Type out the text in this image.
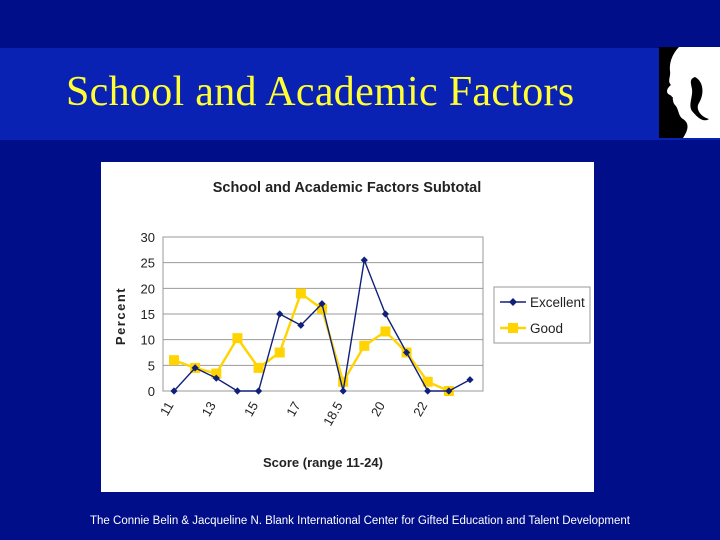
School and Academic Factors
School and Academic Factors Subtotal
0
5
10
15
20
25
30
11 13 15 17 18.5 20 22
Percent
Score (range 11-24)
Excellent
Good
The Connie Belin & Jacqueline N. Blank International Center for Gifted Education and Talent Development
